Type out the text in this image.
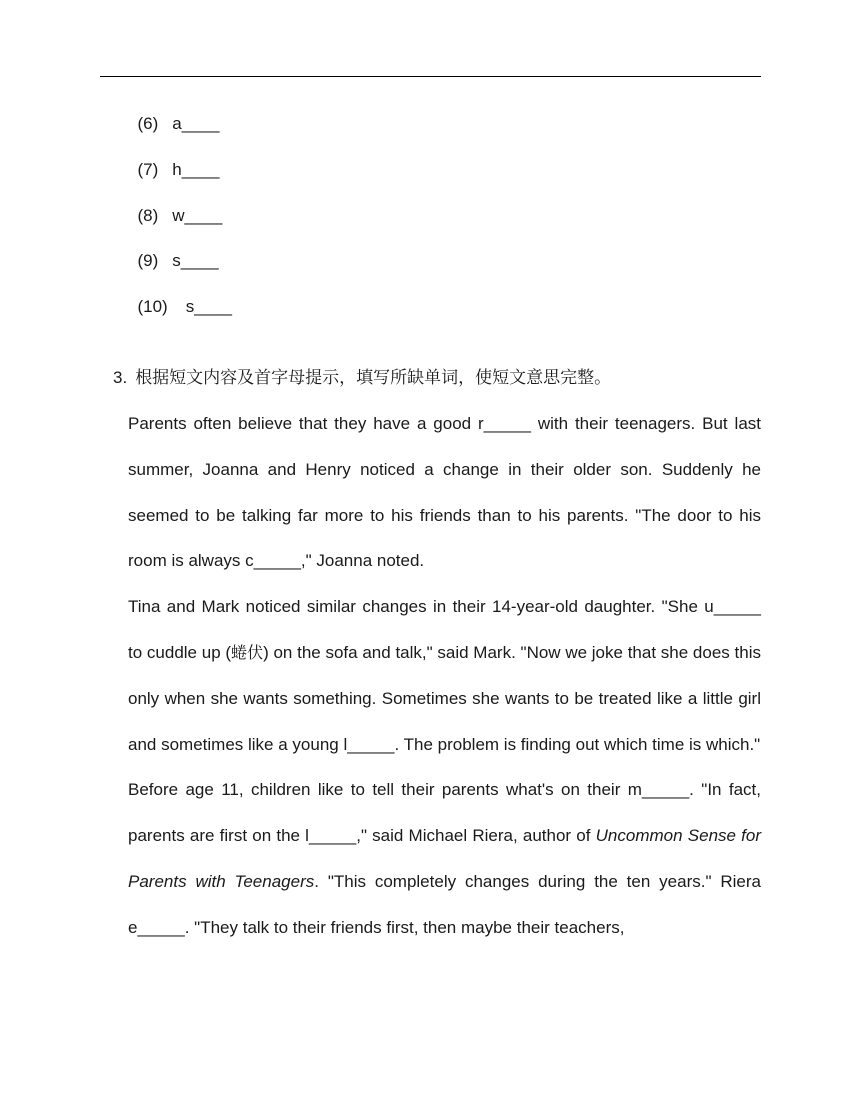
(6) a____

(7) h____

(8) w____

(9) s____

(10) s____

3. 根据短文内容及首字母提示，填写所缺单词，使短文意思完整。

Parents often believe that they have a good r_____ with their teenagers. But last summer, Joanna and Henry noticed a change in their older son. Suddenly he seemed to be talking far more to his friends than to his parents. "The door to his room is always c_____," Joanna noted.

Tina and Mark noticed similar changes in their 14-year-old daughter. "She u_____ to cuddle up (蜷伏) on the sofa and talk," said Mark. "Now we joke that she does this only when she wants something. Sometimes she wants to be treated like a little girl and sometimes like a young l_____. The problem is finding out which time is which."

Before age 11, children like to tell their parents what's on their m_____. "In fact, parents are first on the l_____," said Michael Riera, author of Uncommon Sense for Parents with Teenagers. "This completely changes during the ten years." Riera e_____. "They talk to their friends first, then maybe their teachers,
